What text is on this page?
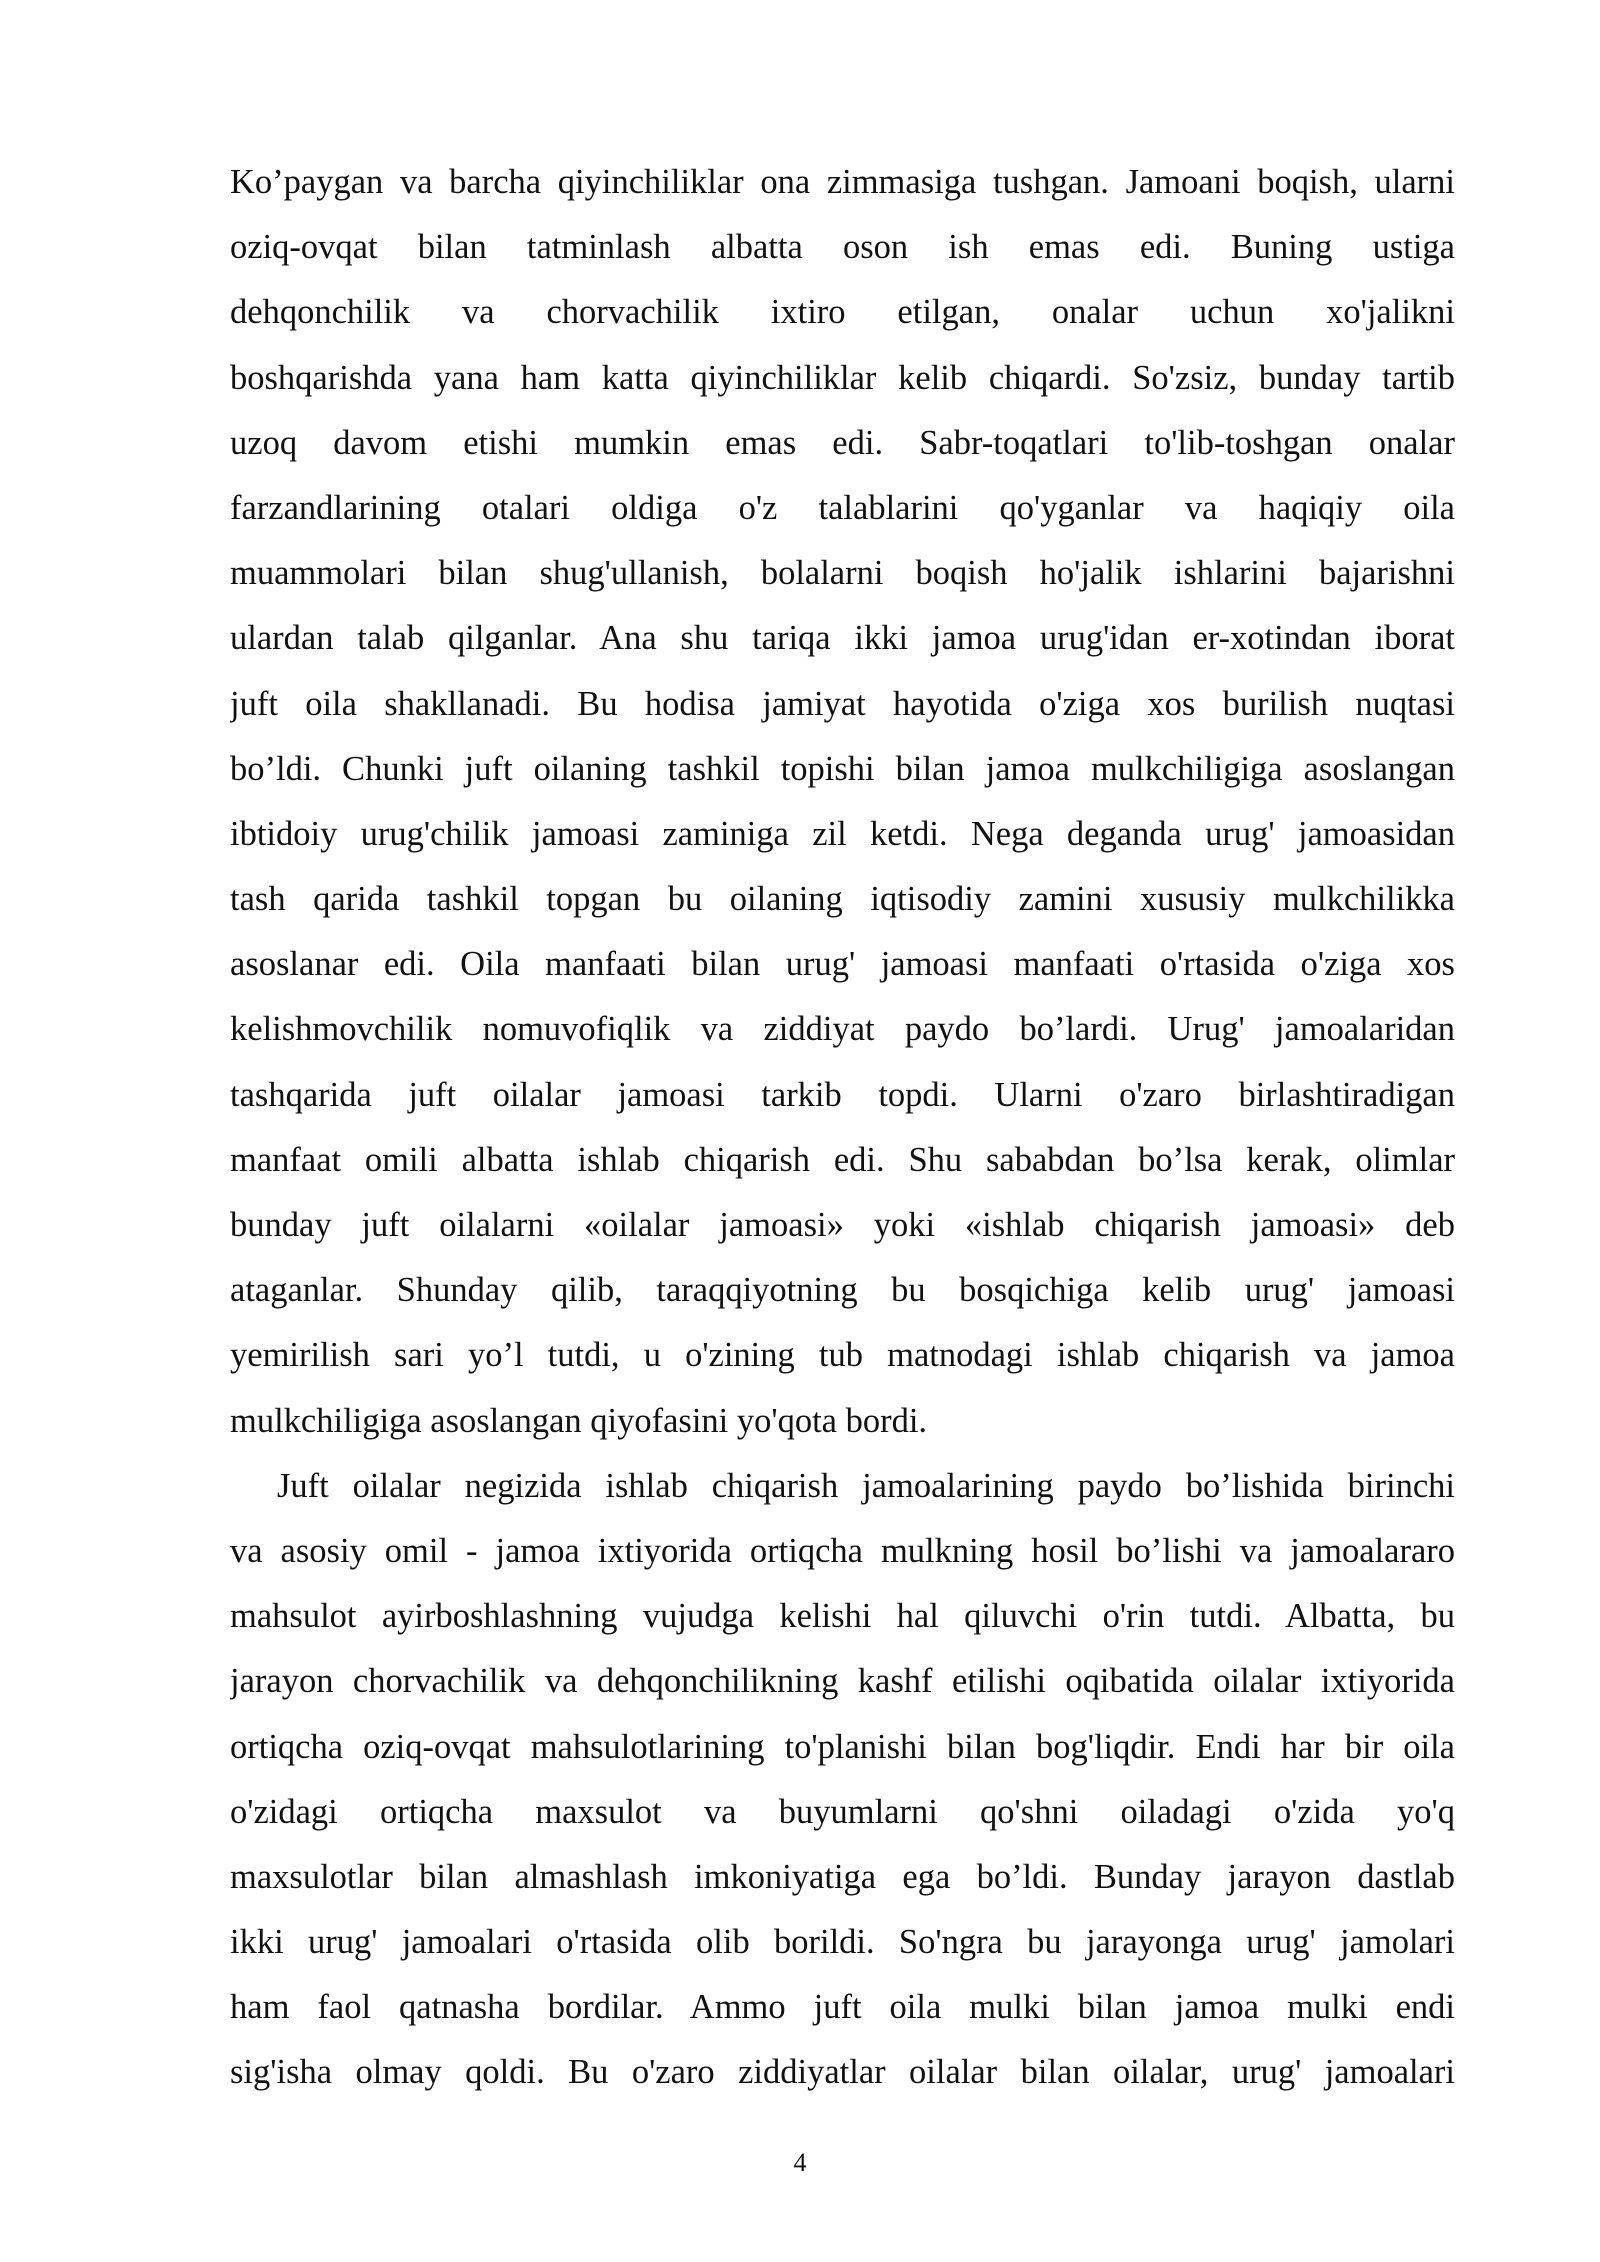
Ko’paygan va barcha qiyinchiliklar ona zimmasiga tushgan. Jamoani boqish, ularni
oziq-ovqat bilan tatminlash albatta oson ish emas edi. Buning ustiga
dehqonchilik va chorvachilik ixtiro etilgan, onalar uchun xo'jalikni
boshqarishda yana ham katta qiyinchiliklar kelib chiqardi. So'zsiz, bunday tartib
uzoq davom etishi mumkin emas edi. Sabr-toqatlari to'lib-toshgan onalar
farzandlarining otalari oldiga o'z talablarini qo'yganlar va haqiqiy oila
muammolari bilan shug'ullanish, bolalarni boqish ho'jalik ishlarini bajarishni
ulardan talab qilganlar. Ana shu tariqa ikki jamoa urug'idan er-xotindan iborat
juft oila shakllanadi. Bu hodisa jamiyat hayotida o'ziga xos burilish nuqtasi
bo’ldi. Chunki juft oilaning tashkil topishi bilan jamoa mulkchiligiga asoslangan
ibtidoiy urug'chilik jamoasi zaminiga zil ketdi. Nega deganda urug' jamoasidan
tash qarida tashkil topgan bu oilaning iqtisodiy zamini xususiy mulkchilikka
asoslanar edi. Oila manfaati bilan urug' jamoasi manfaati o'rtasida o'ziga xos
kelishmovchilik nomuvofiqlik va ziddiyat paydo bo’lardi. Urug' jamoalaridan
tashqarida juft oilalar jamoasi tarkib topdi. Ularni o'zaro birlashtiradigan
manfaat omili albatta ishlab chiqarish edi. Shu sababdan bo’lsa kerak, olimlar
bunday juft oilalarni «oilalar jamoasi» yoki «ishlab chiqarish jamoasi» deb
ataganlar. Shunday qilib, taraqqiyotning bu bosqichiga kelib urug' jamoasi
yemirilish sari yo’l tutdi, u o'zining tub matnodagi ishlab chiqarish va jamoa
mulkchiligiga asoslangan qiyofasini yo'qota bordi.
Juft oilalar negizida ishlab chiqarish jamoalarining paydo bo’lishida birinchi
va asosiy omil - jamoa ixtiyorida ortiqcha mulkning hosil bo’lishi va jamoalararo
mahsulot ayirboshlashning vujudga kelishi hal qiluvchi o'rin tutdi. Albatta, bu
jarayon chorvachilik va dehqonchilikning kashf etilishi oqibatida oilalar ixtiyorida
ortiqcha oziq-ovqat mahsulotlarining to'planishi bilan bog'liqdir. Endi har bir oila
o'zidagi ortiqcha maxsulot va buyumlarni qo'shni oiladagi o'zida yo'q
maxsulotlar bilan almashlash imkoniyatiga ega bo’ldi. Bunday jarayon dastlab
ikki urug' jamoalari o'rtasida olib borildi. So'ngra bu jarayonga urug' jamolari
ham faol qatnasha bordilar. Ammo juft oila mulki bilan jamoa mulki endi
sig'isha olmay qoldi. Bu o'zaro ziddiyatlar oilalar bilan oilalar, urug' jamoalari
4
